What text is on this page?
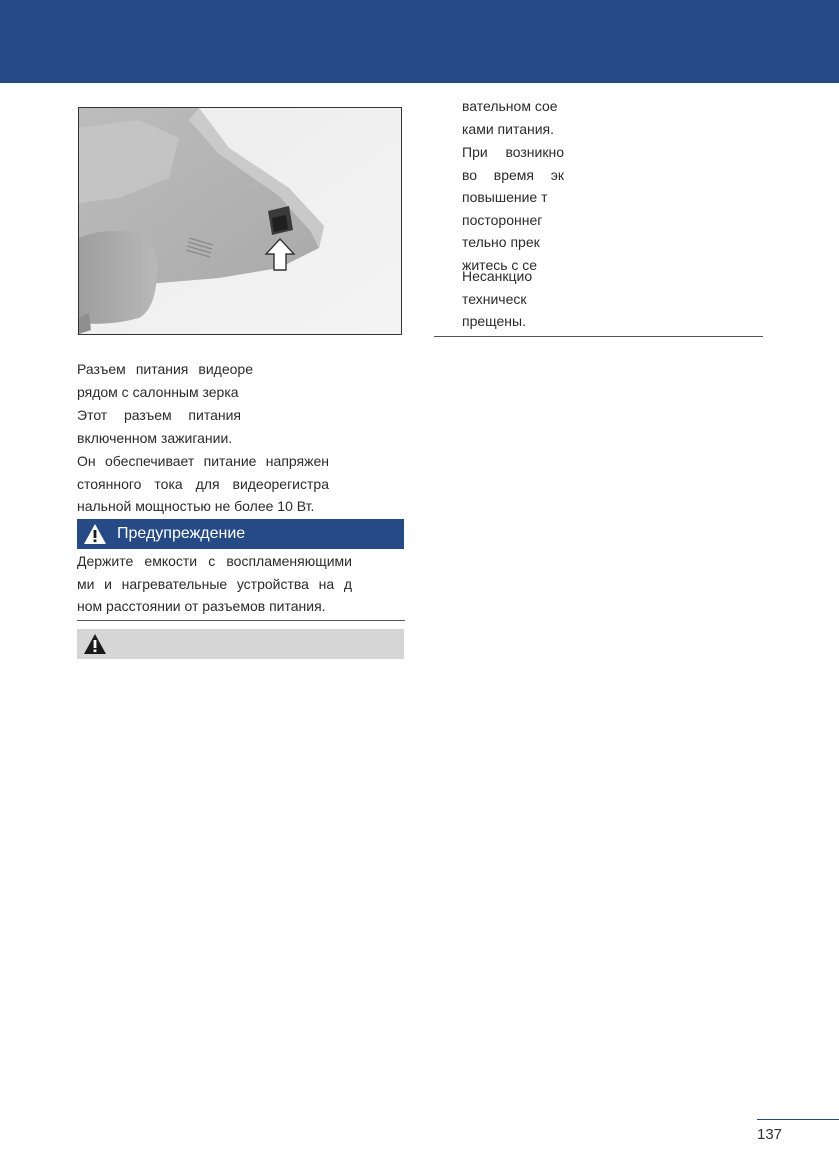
Разъем питания видеоре
рядом с салонным зерка
Этот разъем питания
включенном зажигании.
Он обеспечивает питание напряжен
стоянного тока для видеорегистра
нальной мощностью не более 10 Вт.
Предупреждение
Держите емкости с воспламеняющими
ми и нагревательные устройства на д
ном расстоянии от разъемов питания.
вательном сое
ками питания.
При возникно
во время эк
повышение т
постороннег
тельно прек
житесь с се
Несанкцио
техническ
прещены.
137
